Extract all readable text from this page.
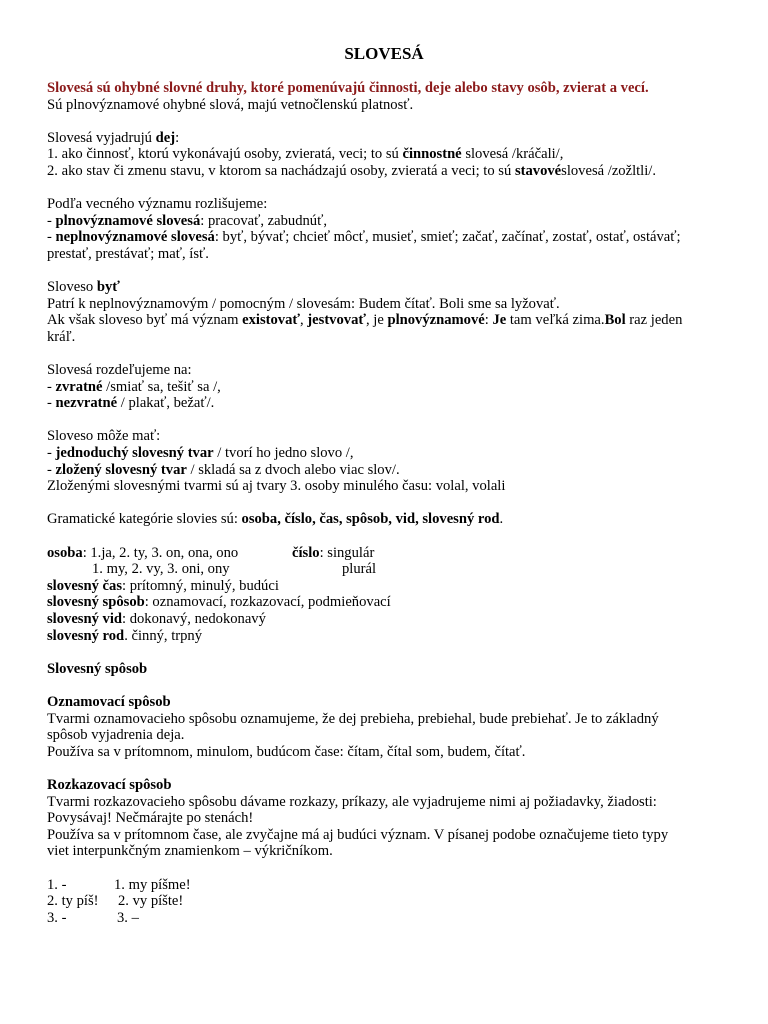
SLOVESÁ
Slovesá sú ohybné slovné druhy, ktoré pomenúvajú činnosti, deje alebo stavy osôb, zvierat a vecí.
Sú plnovýznamové ohybné slová, majú vetnočlenskú platnosť.
Slovesá vyjadrujú dej:
1. ako činnosť, ktorú vykonávajú osoby, zvieratá, veci; to sú činnostné slovesá /kráčali/,
2. ako stav či zmenu stavu, v ktorom sa nachádzajú osoby, zvieratá a veci; to sú stavovéslovesá /zožltli/.
Podľa vecného významu rozlišujeme:
- plnovýznamové slovesá: pracovať, zabudnúť,
- neplnovýznamové slovesá: byť, bývať; chcieť môcť, musieť, smieť; začať, začínať, zostať, ostať, ostávať;
prestať, prestávať; mať, ísť.
Sloveso byť
Patrí k neplnovýznamovým / pomocným / slovesám: Budem čítať. Boli sme sa lyžovať.
Ak však sloveso byť má význam existovať, jestvovať, je plnovýznamové: Je tam veľká zima.Bol raz jeden
kráľ.
Slovesá rozdeľujeme na:
- zvratné /smiať sa, tešiť sa /,
- nezvratné / plakať, bežať/.
Sloveso môže mať:
- jednoduchý slovesný tvar / tvorí ho jedno slovo /,
- zložený slovesný tvar / skladá sa z dvoch alebo viac slov/.
Zloženými slovesnými tvarmi sú aj tvary 3. osoby minulého času: volal, volali
Gramatické kategórie slovies sú: osoba, číslo, čas, spôsob, vid, slovesný rod.
osoba: 1.ja, 2. ty, 3. on, ona, ono	číslo: singulár
1. my, 2. vy, 3. oni, ony	plurál
slovesný čas: prítomný, minulý, budúci
slovesný spôsob: oznamovací, rozkazovací, podmieňovací
slovesný vid: dokonavý, nedokonavý
slovesný rod. činný, trpný
Slovesný spôsob
Oznamovací spôsob
Tvarmi oznamovacieho spôsobu oznamujeme, že dej prebieha, prebiehal, bude prebiehať. Je to základný
spôsob vyjadrenia deja.
Používa sa v prítomnom, minulom, budúcom čase: čítam, čítal som, budem, čítať.
Rozkazovací spôsob
Tvarmi rozkazovacieho spôsobu dávame rozkazy, príkazy, ale vyjadrujeme nimi aj požiadavky, žiadosti:
Povysávaj! Nečmárajte po stenách!
Používa sa v prítomnom čase, ale zvyčajne má aj budúci význam. V písanej podobe označujeme tieto typy
viet interpunkčným znamienkom – výkričníkom.
1. -	1. my píšme!
2. ty píš! 2. vy píšte!
3. -	3. –
